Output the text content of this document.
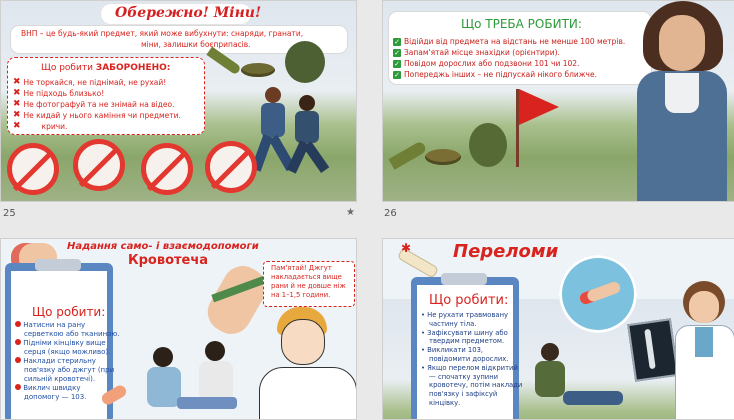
Обережно! Міни!
ВНП – це будь-який предмет, який може вибухнути: снаряди, гранати,
міни, залишки боєприпасів.
Що робити ЗАБОРОНЕНО:
✖ Не торкайся, не піднімай, не рухай!
✖ Не підходь близько!
✖ Не фотографуй та не знімай на відео.
✖ Не кидай у нього каміння чи предмети.
✖	кричи.
25	★
Що ТРЕБА РОБИТИ:
✓ Відійди від предмета на відстань не менше 100 метрів.
✓ Запам'ятай місце знахідки (орієнтири).
✓ Повідом дорослих або подзвони 101 чи 102.
✓ Попереджь інших – не підпускай нікого ближче.
26
Надання само- і взаємодопомоги
Кровотеча
Що робити:
Натисни на рану
серветкою або тканиною.
Підніми кінцівку вище
серця (якщо можливо).
Наклади стерильну
пов'язку або джгут (при
сильній кровотечі).
Виклич швидку
допомогу — 103.
Пам'ятай! Джгут
накладається вище
рани й не довше ніж
на 1–1,5 години.
✱ Переломи
Що робити:
• Не рухати травмовану
частину тіла.
• Зафіксувати шину або
твердим предметом.
• Викликати 103,
повідомити дорослих.
• Якщо перелом відкритий
— спочатку зупини
кровотечу, потім наклади
пов'язку і зафіксуй
кінцівку.
